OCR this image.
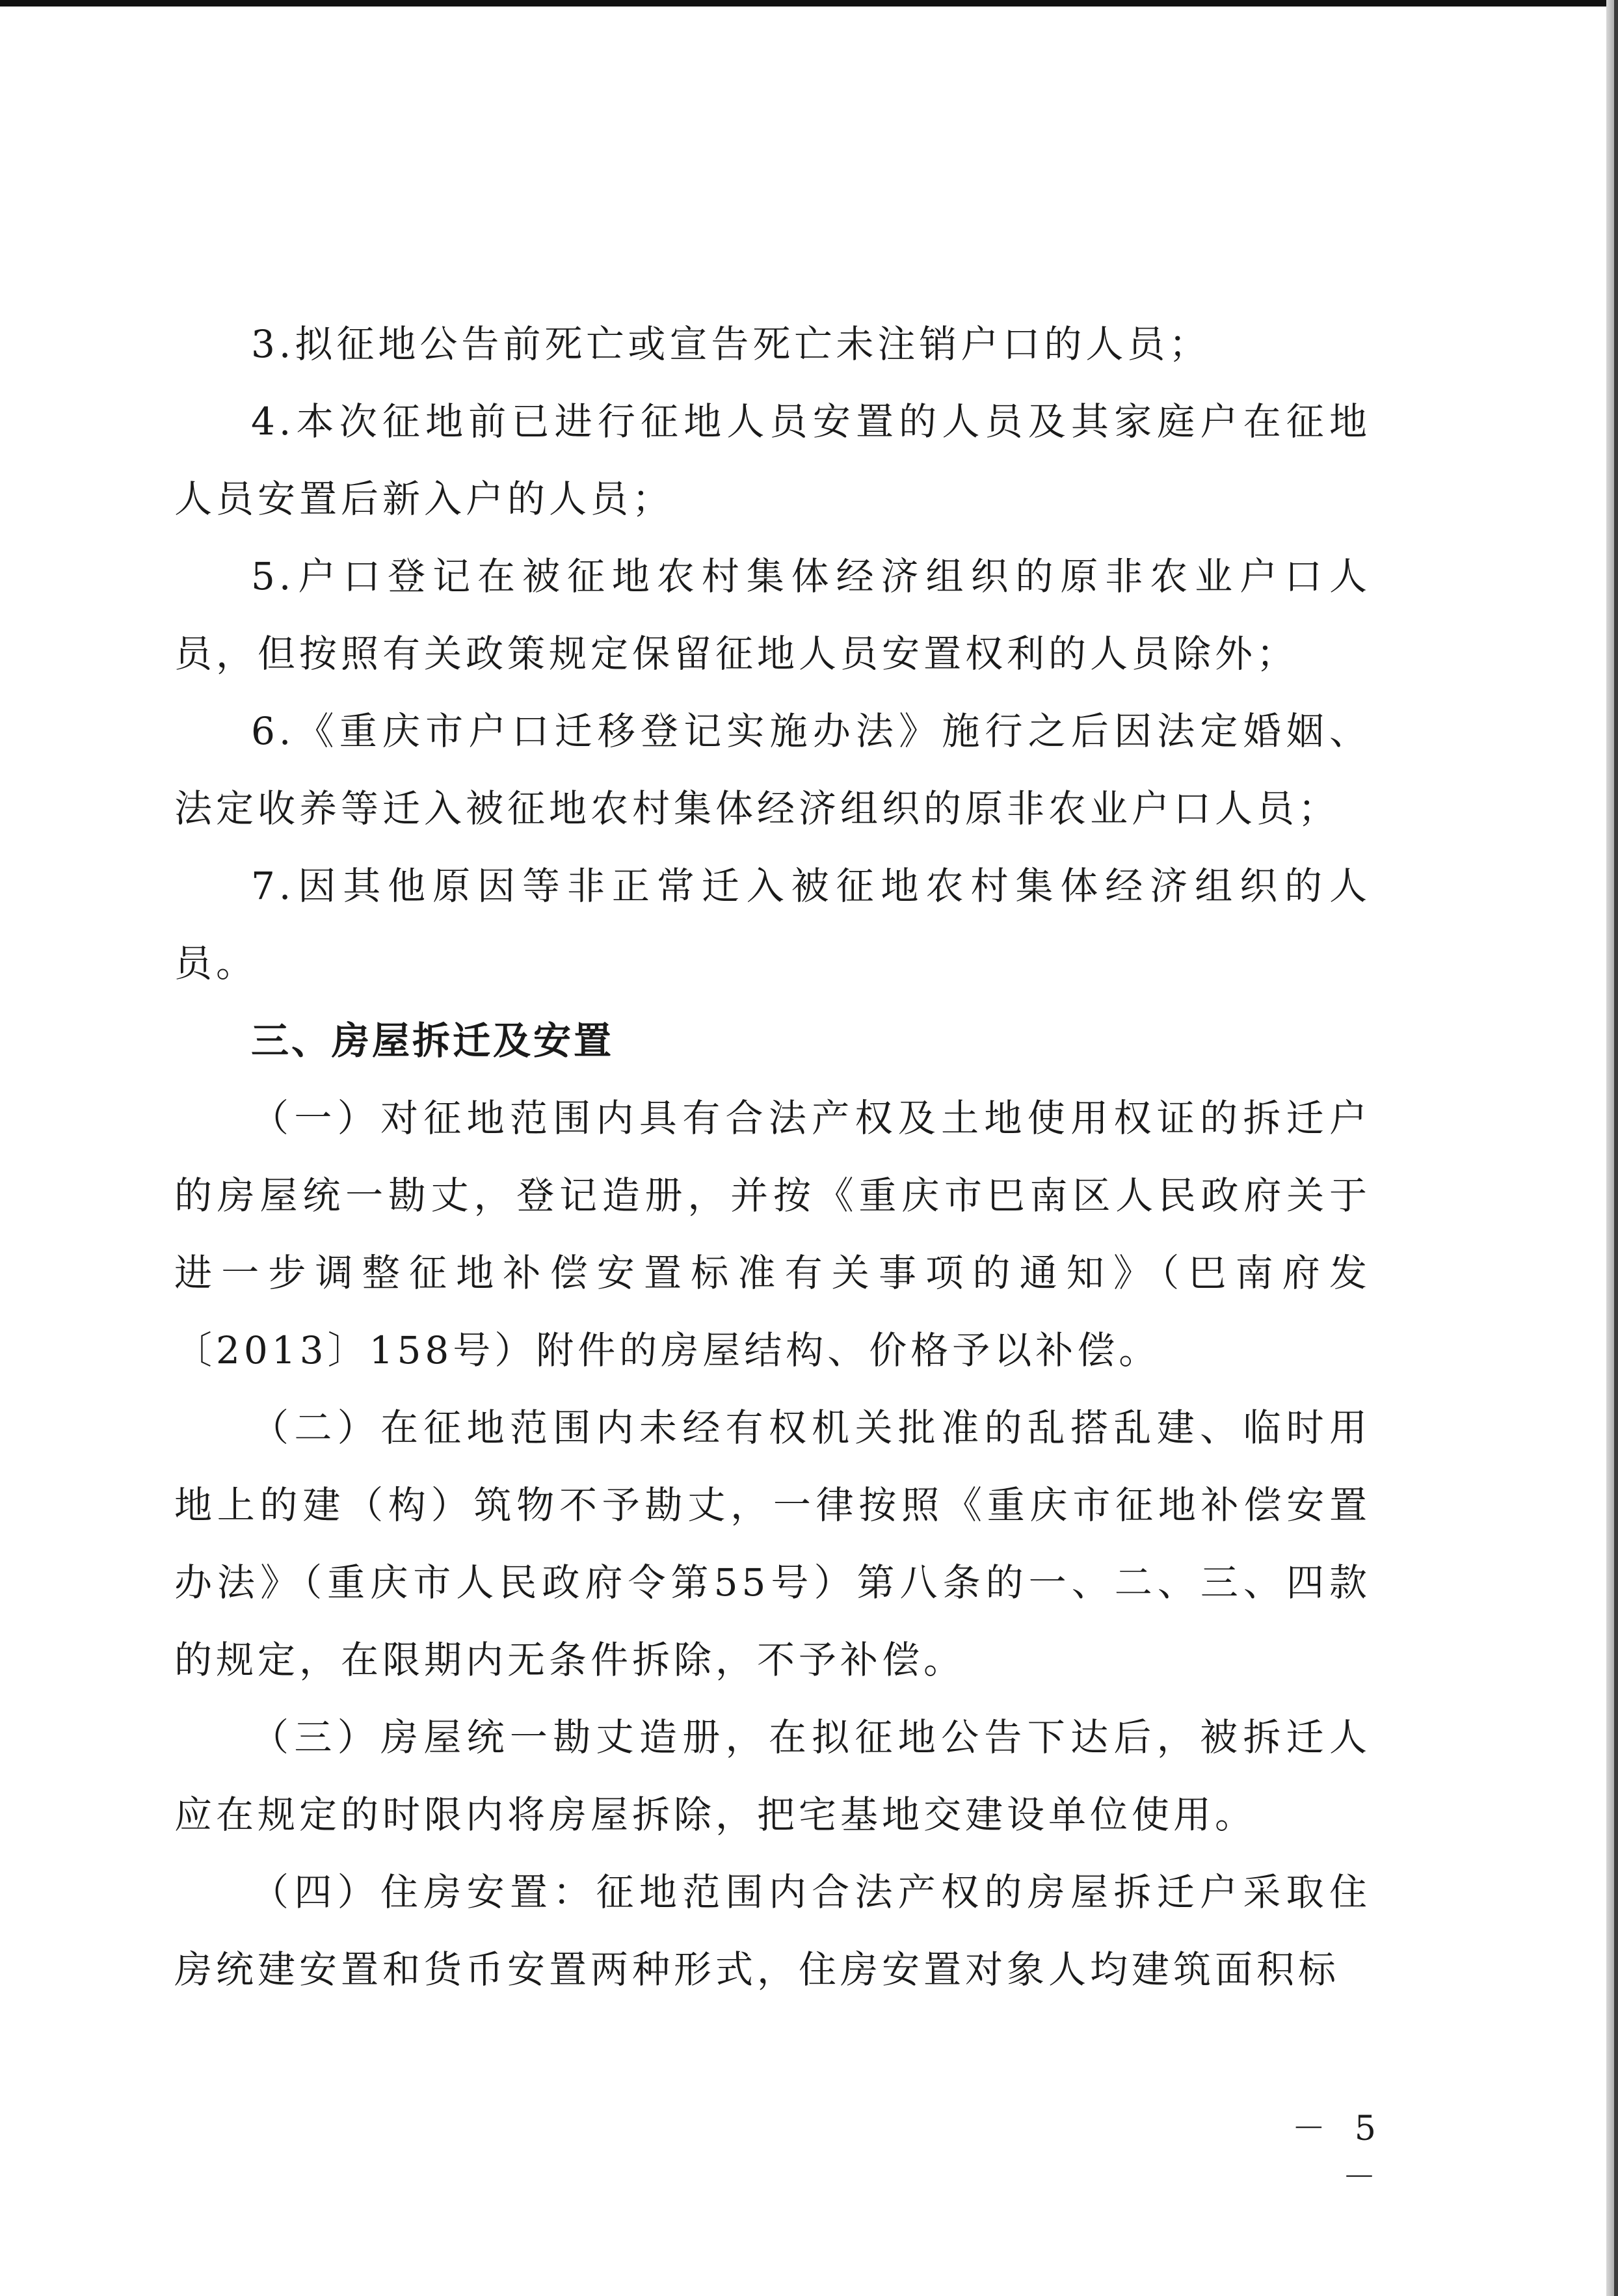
3.拟征地公告前死亡或宣告死亡未注销户口的人员；

4.本次征地前已进行征地人员安置的人员及其家庭户在征地人员安置后新入户的人员；

5.户口登记在被征地农村集体经济组织的原非农业户口人员，但按照有关政策规定保留征地人员安置权利的人员除外；

6.《重庆市户口迁移登记实施办法》施行之后因法定婚姻、法定收养等迁入被征地农村集体经济组织的原非农业户口人员；

7.因其他原因等非正常迁入被征地农村集体经济组织的人员。

三、房屋拆迁及安置

（一）对征地范围内具有合法产权及土地使用权证的拆迁户的房屋统一勘丈，登记造册，并按《重庆市巴南区人民政府关于进一步调整征地补偿安置标准有关事项的通知》（巴南府发〔2013〕158号）附件的房屋结构、价格予以补偿。

（二）在征地范围内未经有权机关批准的乱搭乱建、临时用地上的建（构）筑物不予勘丈，一律按照《重庆市征地补偿安置办法》（重庆市人民政府令第55号）第八条的一、二、三、四款的规定，在限期内无条件拆除，不予补偿。

（三）房屋统一勘丈造册，在拟征地公告下达后，被拆迁人应在规定的时限内将房屋拆除，把宅基地交建设单位使用。

（四）住房安置：征地范围内合法产权的房屋拆迁户采取住房统建安置和货币安置两种形式，住房安置对象人均建筑面积标

－ 5 －
